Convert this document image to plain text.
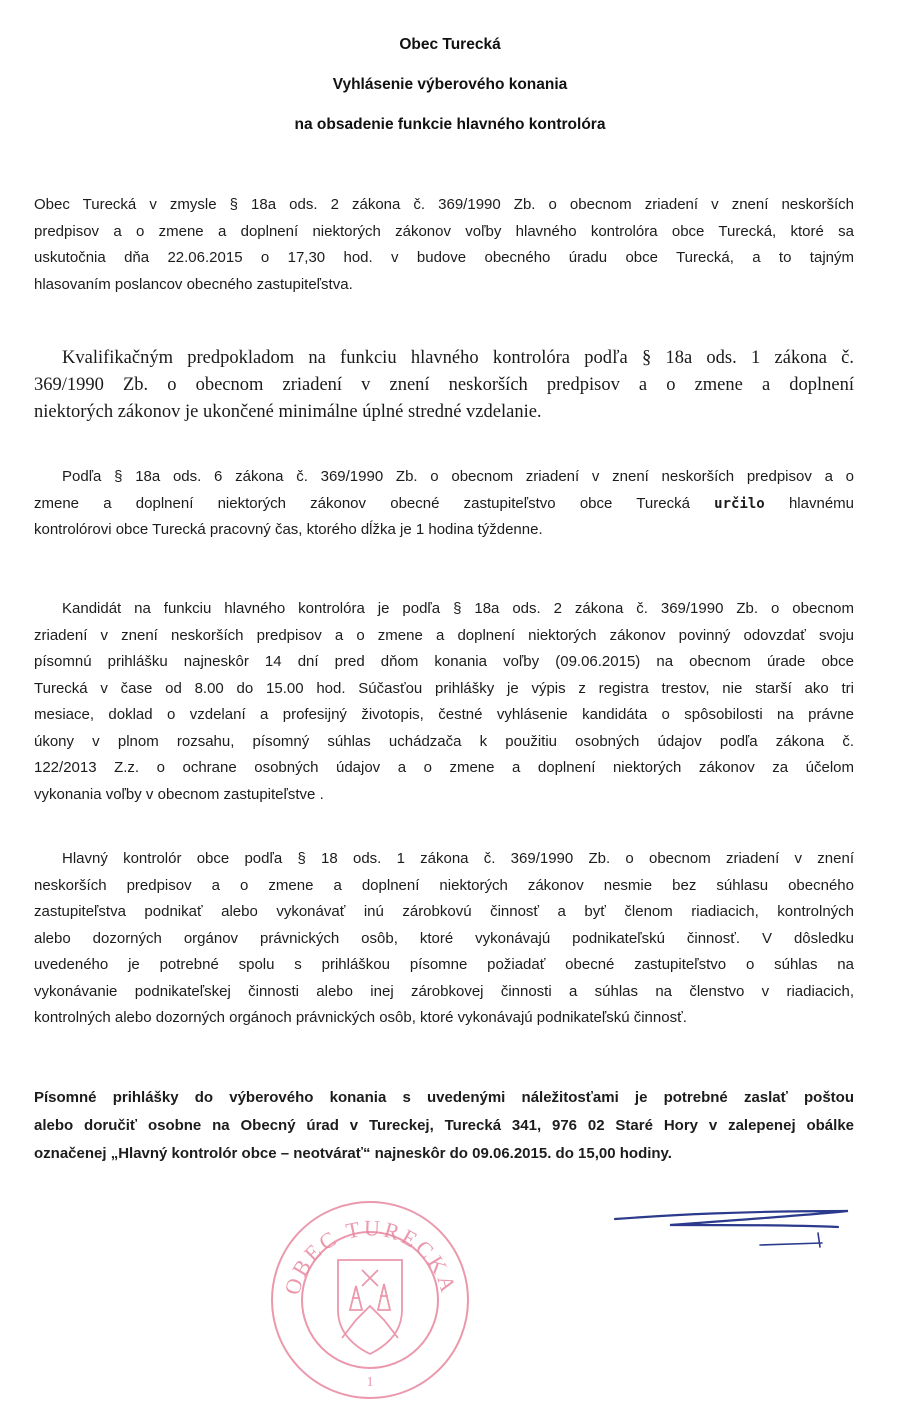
Obec Turecká
Vyhlásenie výberového konania
na obsadenie funkcie hlavného kontrolóra
Obec Turecká v zmysle § 18a ods. 2 zákona č. 369/1990 Zb. o obecnom zriadení v znení neskorších
predpisov a o zmene a doplnení niektorých zákonov voľby hlavného kontrolóra obce Turecká, ktoré sa
uskutočnia dňa 22.06.2015 o 17,30 hod. v budove obecného úradu obce Turecká, a to tajným
hlasovaním poslancov obecného zastupiteľstva.
Kvalifikačným predpokladom na funkciu hlavného kontrolóra podľa § 18a ods. 1 zákona č.
369/1990 Zb. o obecnom zriadení v znení neskorších predpisov a o zmene a doplnení
niektorých zákonov je ukončené minimálne úplné stredné vzdelanie.
Podľa § 18a ods. 6 zákona č. 369/1990 Zb. o obecnom zriadení v znení neskorších predpisov a o
zmene a doplnení niektorých zákonov obecné zastupiteľstvo obce Turecká určilo hlavnému
kontrolórovi obce Turecká pracovný čas, ktorého dĺžka je 1 hodina týždenne.
Kandidát na funkciu hlavného kontrolóra je podľa § 18a ods. 2 zákona č. 369/1990 Zb. o obecnom
zriadení v znení neskorších predpisov a o zmene a doplnení niektorých zákonov povinný odovzdať svoju
písomnú prihlášku najneskôr 14 dní pred dňom konania voľby (09.06.2015) na obecnom úrade obce
Turecká v čase od 8.00 do 15.00 hod. Súčasťou prihlášky je výpis z registra trestov, nie starší ako tri
mesiace, doklad o vzdelaní a profesijný životopis, čestné vyhlásenie kandidáta o spôsobilosti na právne
úkony v plnom rozsahu, písomný súhlas uchádzača k použitiu osobných údajov podľa zákona č.
122/2013 Z.z. o ochrane osobných údajov a o zmene a doplnení niektorých zákonov za účelom
vykonania voľby v obecnom zastupiteľstve .
Hlavný kontrolór obce podľa § 18 ods. 1 zákona č. 369/1990 Zb. o obecnom zriadení v znení
neskorších predpisov a o zmene a doplnení niektorých zákonov nesmie bez súhlasu obecného
zastupiteľstva podnikať alebo vykonávať inú zárobkovú činnosť a byť členom riadiacich, kontrolných
alebo dozorných orgánov právnických osôb, ktoré vykonávajú podnikateľskú činnosť. V dôsledku
uvedeného je potrebné spolu s prihláškou písomne požiadať obecné zastupiteľstvo o súhlas na
vykonávanie podnikateľskej činnosti alebo inej zárobkovej činnosti a súhlas na členstvo v riadiacich,
kontrolných alebo dozorných orgánoch právnických osôb, ktoré vykonávajú podnikateľskú činnosť.
Písomné prihlášky do výberového konania s uvedenými náležitosťami je potrebné zaslať poštou
alebo doručiť osobne na Obecný úrad v Tureckej, Turecká 341, 976 02 Staré Hory v zalepenej obálke
označenej „Hlavný kontrolór obce – neotvárať“ najneskôr do 09.06.2015. do 15,00 hodiny.
OBEC TURECKA
1
